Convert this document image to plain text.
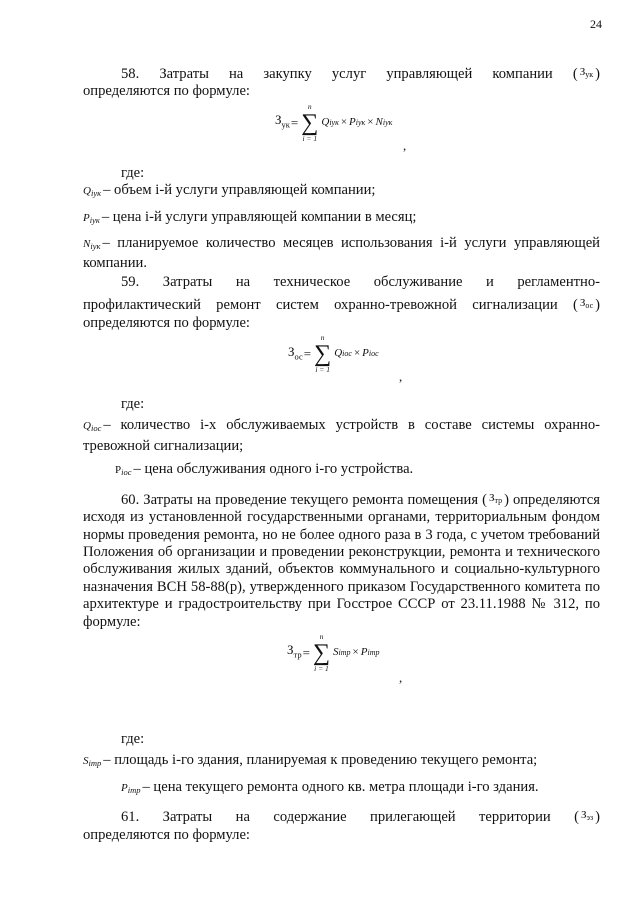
24

58. Затраты на закупку услуг управляющей компании ( $^{З_{ук}}$ )

определяются по формуле:

$З_{ук}$ =
n
∑
i = 1
Q iук × P iук × N iук
,

где:

$Q_{iук}$ – объем i-й услуги управляющей компании;

$P_{iук}$ – цена i-й услуги управляющей компании в месяц;

$N_{iук}$ – планируемое количество месяцев использования i-й услуги управляющей компании.

59. Затраты на техническое обслуживание и регламентно-

профилактический ремонт систем охранно-тревожной сигнализации ( $^{З_{ос}}$ )

определяются по формуле:

$З_{ос}$ =
n
∑
i = 1
Q iос × P iос
,

где:

$Q_{iос}$ – количество i-х обслуживаемых устройств в составе системы охранно-тревожной сигнализации;

$P_{iос}$ – цена обслуживания одного i-го устройства.

60. Затраты на проведение текущего ремонта помещения ( $^{З_{тр}}$ ) определяются исходя из установленной государственными органами, территориальным фондом нормы проведения ремонта, но не более одного раза в 3 года, с учетом требований Положения об организации и проведении реконструкции, ремонта и технического обслуживания жилых зданий, объектов коммунального и социально-культурного назначения ВСН 58-88(р), утвержденного приказом Государственного комитета по архитектуре и градостроительству при Госстрое СССР от 23.11.1988 № 312, по формуле:

$З_{тр}$ =
n
∑
i = 1
S iтр × P iтр
,

где:

$S_{iтр}$ – площадь i-го здания, планируемая к проведению текущего ремонта;

$P_{iтр}$ – цена текущего ремонта одного кв. метра площади i-го здания.

61. Затраты на содержание прилегающей территории ( $^{З_{эз}}$ )

определяются по формуле:
